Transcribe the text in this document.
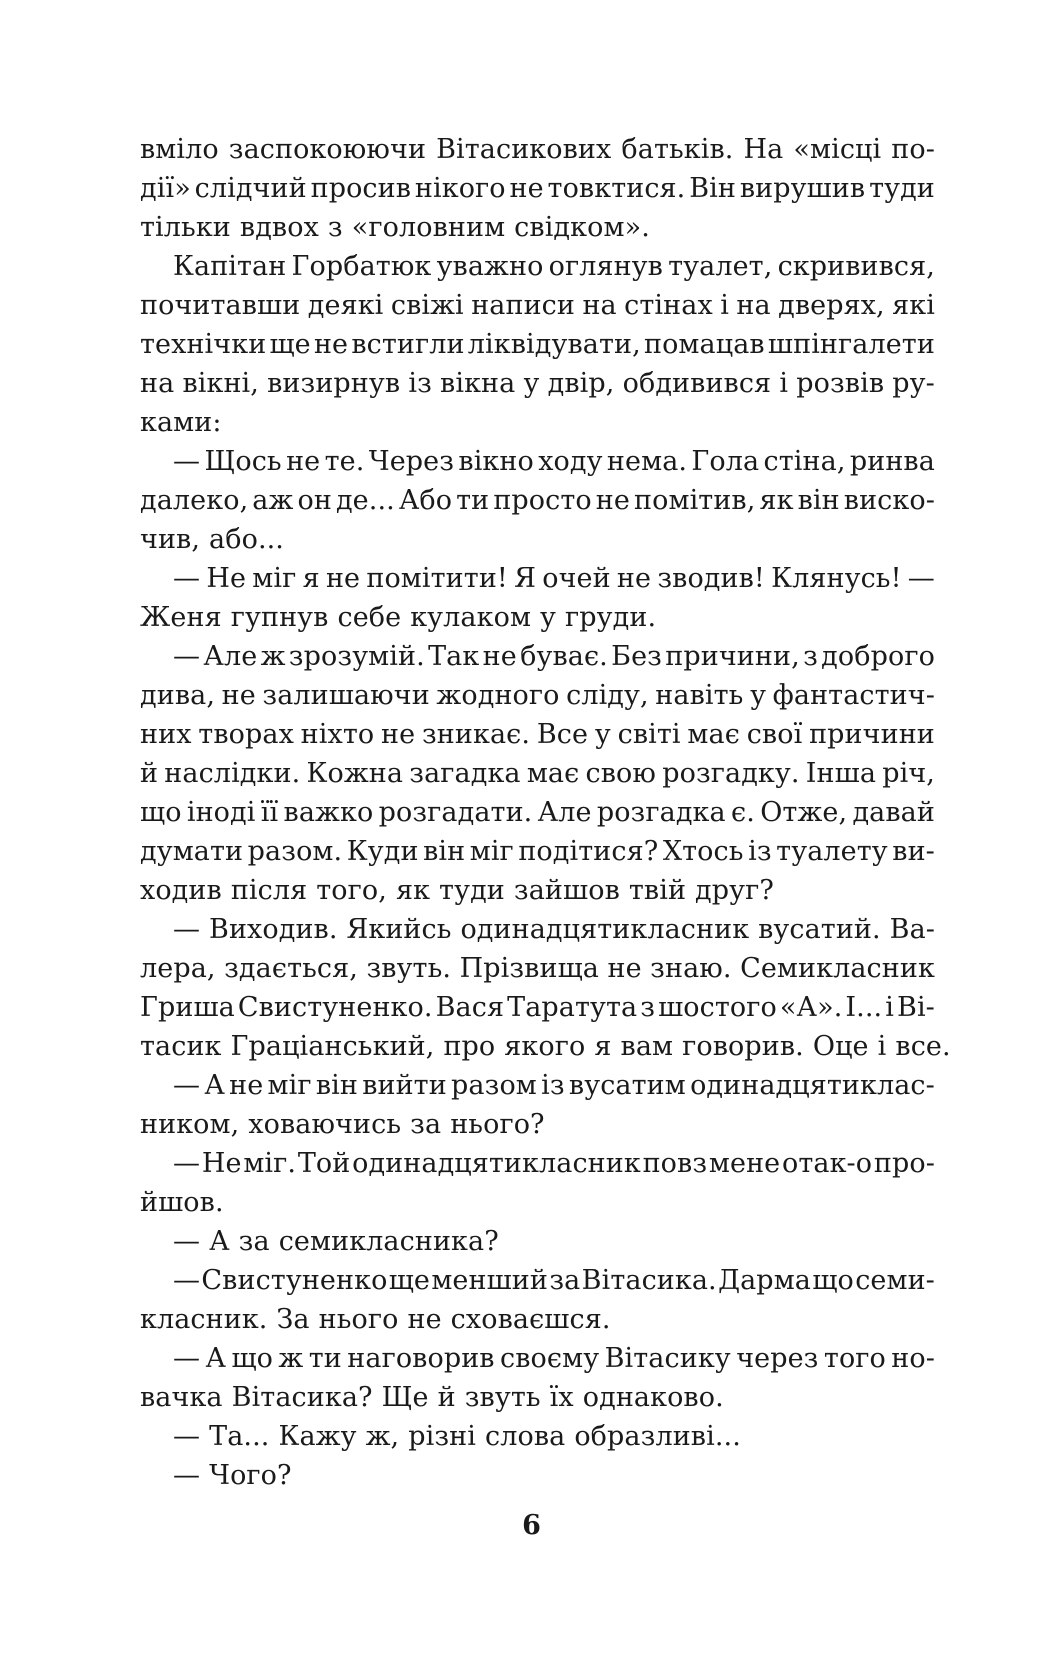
вміло заспокоюючи Вітасикових батьків. На «місці по-
дії» слідчий просив нікого не товктися. Він вирушив туди
тільки вдвох з «головним свідком».
Капітан Горбатюк уважно оглянув туалет, скривився,
почитавши деякі свіжі написи на стінах і на дверях, які
технічки ще не встигли ліквідувати, помацав шпінгалети
на вікні, визирнув із вікна у двір, обдивився і розвів ру-
ками:
— Щось не те. Через вікно ходу нема. Гола стіна, ринва
далеко, аж он де... Або ти просто не помітив, як він виско-
чив, або...
— Не міг я не помітити! Я очей не зводив! Клянусь! —
Женя гупнув себе кулаком у груди.
— Але ж зрозумій. Так не буває. Без причини, з доброго
дива, не залишаючи жодного сліду, навіть у фантастич-
них творах ніхто не зникає. Все у світі має свої причини
й наслідки. Кожна загадка має свою розгадку. Інша річ,
що іноді її важко розгадати. Але розгадка є. Отже, давай
думати разом. Куди він міг подітися? Хтось із туалету ви-
ходив після того, як туди зайшов твій друг?
— Виходив. Якийсь одинадцятикласник вусатий. Ва-
лера, здається, звуть. Прізвища не знаю. Семикласник
Гриша Свистуненко. Вася Таратута з шостого «А». І... і Ві-
тасик Граціанський, про якого я вам говорив. Оце і все.
— А не міг він вийти разом із вусатим одинадцятиклас-
ником, ховаючись за нього?
— Не міг. Той одинадцятикласник повз мене отак-о про-
йшов.
— А за семикласника?
— Свистуненко ще менший за Вітасика. Дарма що семи-
класник. За нього не сховаєшся.
— А що ж ти наговорив своєму Вітасику через того но-
вачка Вітасика? Ще й звуть їх однаково.
— Та... Кажу ж, різні слова образливі...
— Чого?
6
